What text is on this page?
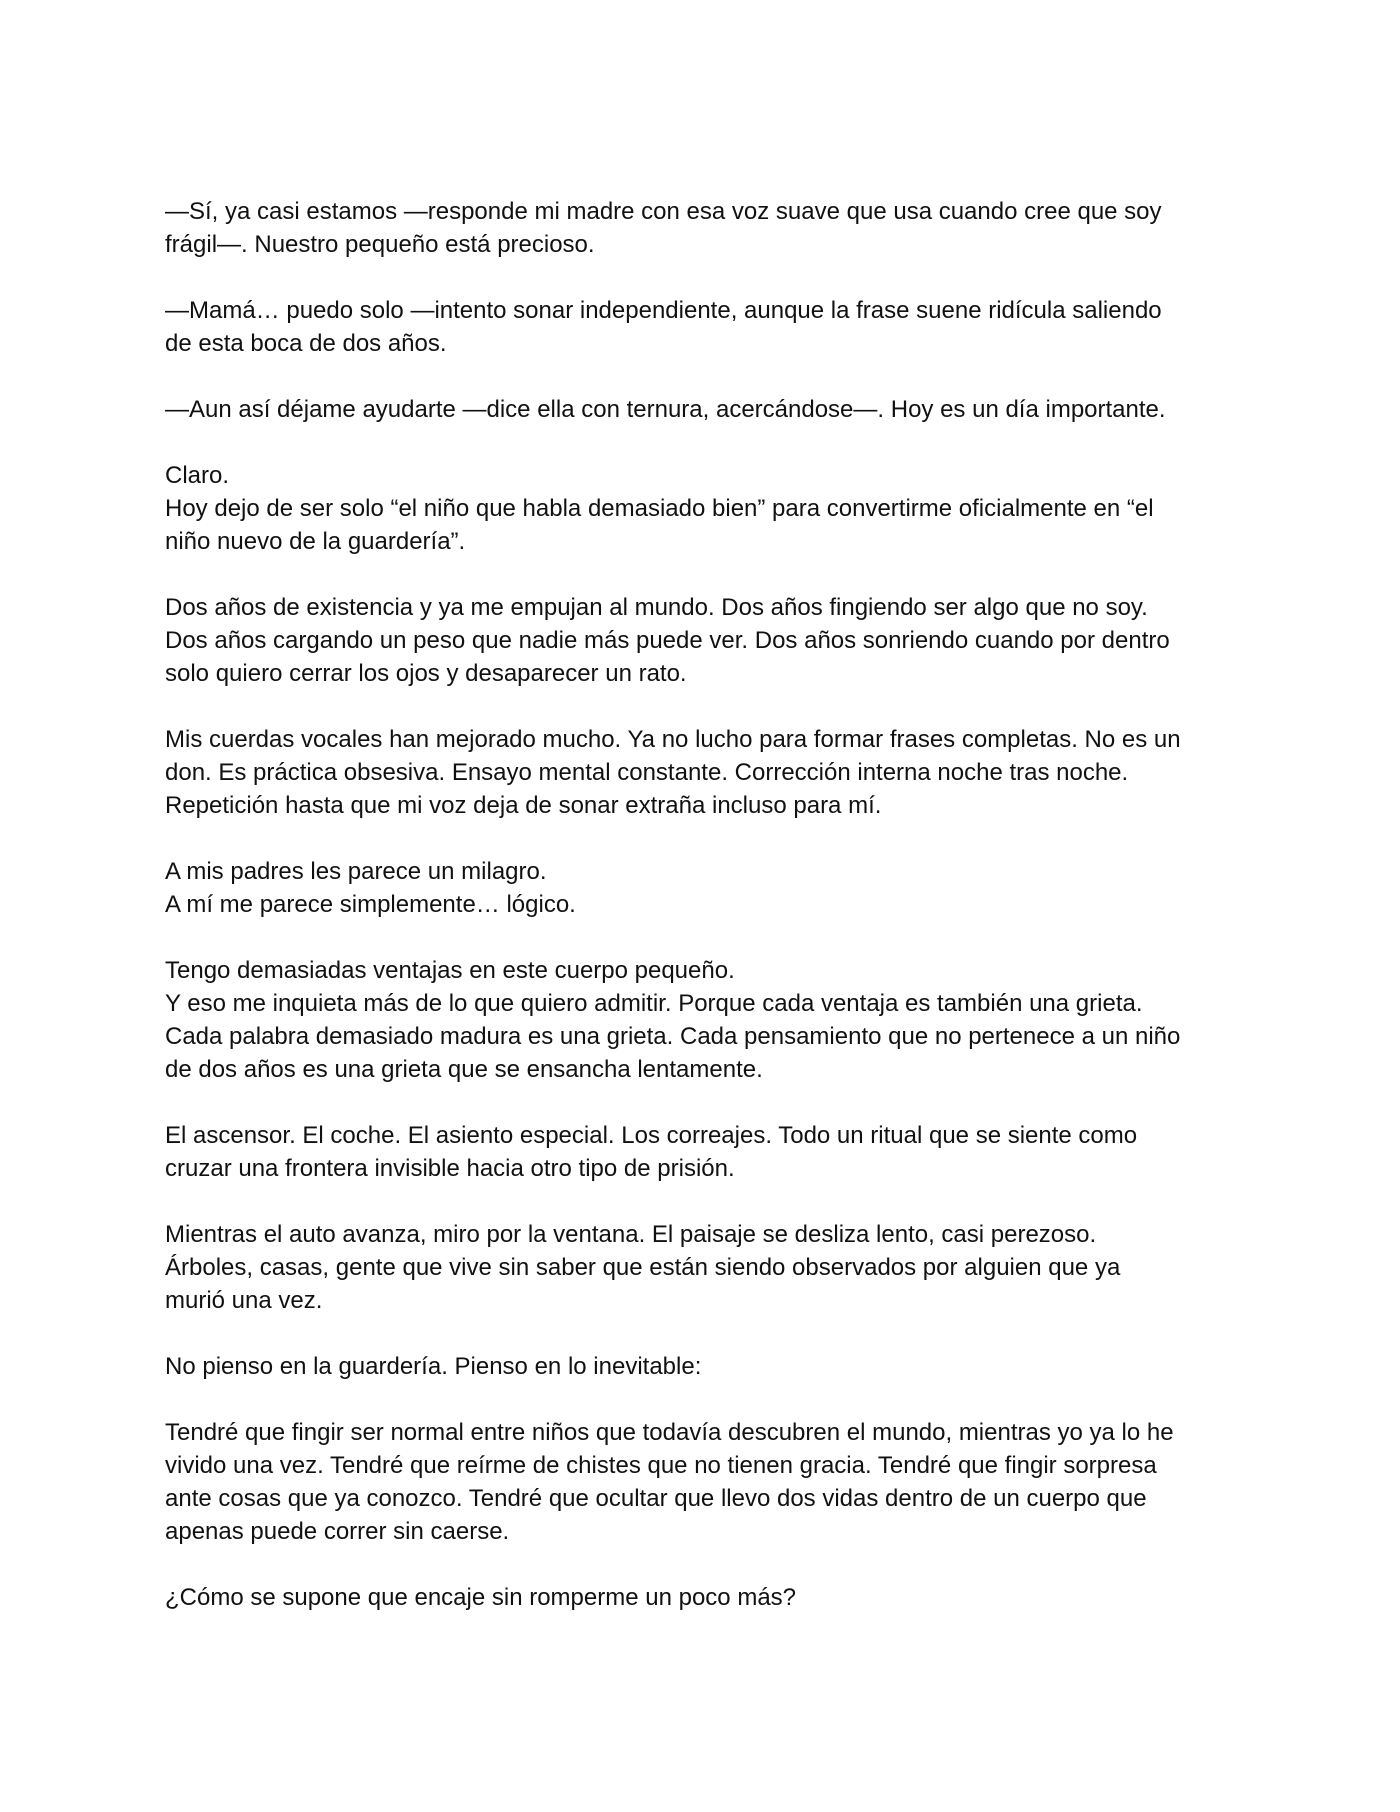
—Sí, ya casi estamos —responde mi madre con esa voz suave que usa cuando cree que soy
frágil—. Nuestro pequeño está precioso.
—Mamá… puedo solo —intento sonar independiente, aunque la frase suene ridícula saliendo
de esta boca de dos años.
—Aun así déjame ayudarte —dice ella con ternura, acercándose—. Hoy es un día importante.
Claro.
Hoy dejo de ser solo “el niño que habla demasiado bien” para convertirme oficialmente en “el
niño nuevo de la guardería”.
Dos años de existencia y ya me empujan al mundo. Dos años fingiendo ser algo que no soy.
Dos años cargando un peso que nadie más puede ver. Dos años sonriendo cuando por dentro
solo quiero cerrar los ojos y desaparecer un rato.
Mis cuerdas vocales han mejorado mucho. Ya no lucho para formar frases completas. No es un
don. Es práctica obsesiva. Ensayo mental constante. Corrección interna noche tras noche.
Repetición hasta que mi voz deja de sonar extraña incluso para mí.
A mis padres les parece un milagro.
A mí me parece simplemente… lógico.
Tengo demasiadas ventajas en este cuerpo pequeño.
Y eso me inquieta más de lo que quiero admitir. Porque cada ventaja es también una grieta.
Cada palabra demasiado madura es una grieta. Cada pensamiento que no pertenece a un niño
de dos años es una grieta que se ensancha lentamente.
El ascensor. El coche. El asiento especial. Los correajes. Todo un ritual que se siente como
cruzar una frontera invisible hacia otro tipo de prisión.
Mientras el auto avanza, miro por la ventana. El paisaje se desliza lento, casi perezoso.
Árboles, casas, gente que vive sin saber que están siendo observados por alguien que ya
murió una vez.
No pienso en la guardería. Pienso en lo inevitable:
Tendré que fingir ser normal entre niños que todavía descubren el mundo, mientras yo ya lo he
vivido una vez. Tendré que reírme de chistes que no tienen gracia. Tendré que fingir sorpresa
ante cosas que ya conozco. Tendré que ocultar que llevo dos vidas dentro de un cuerpo que
apenas puede correr sin caerse.
¿Cómo se supone que encaje sin romperme un poco más?
